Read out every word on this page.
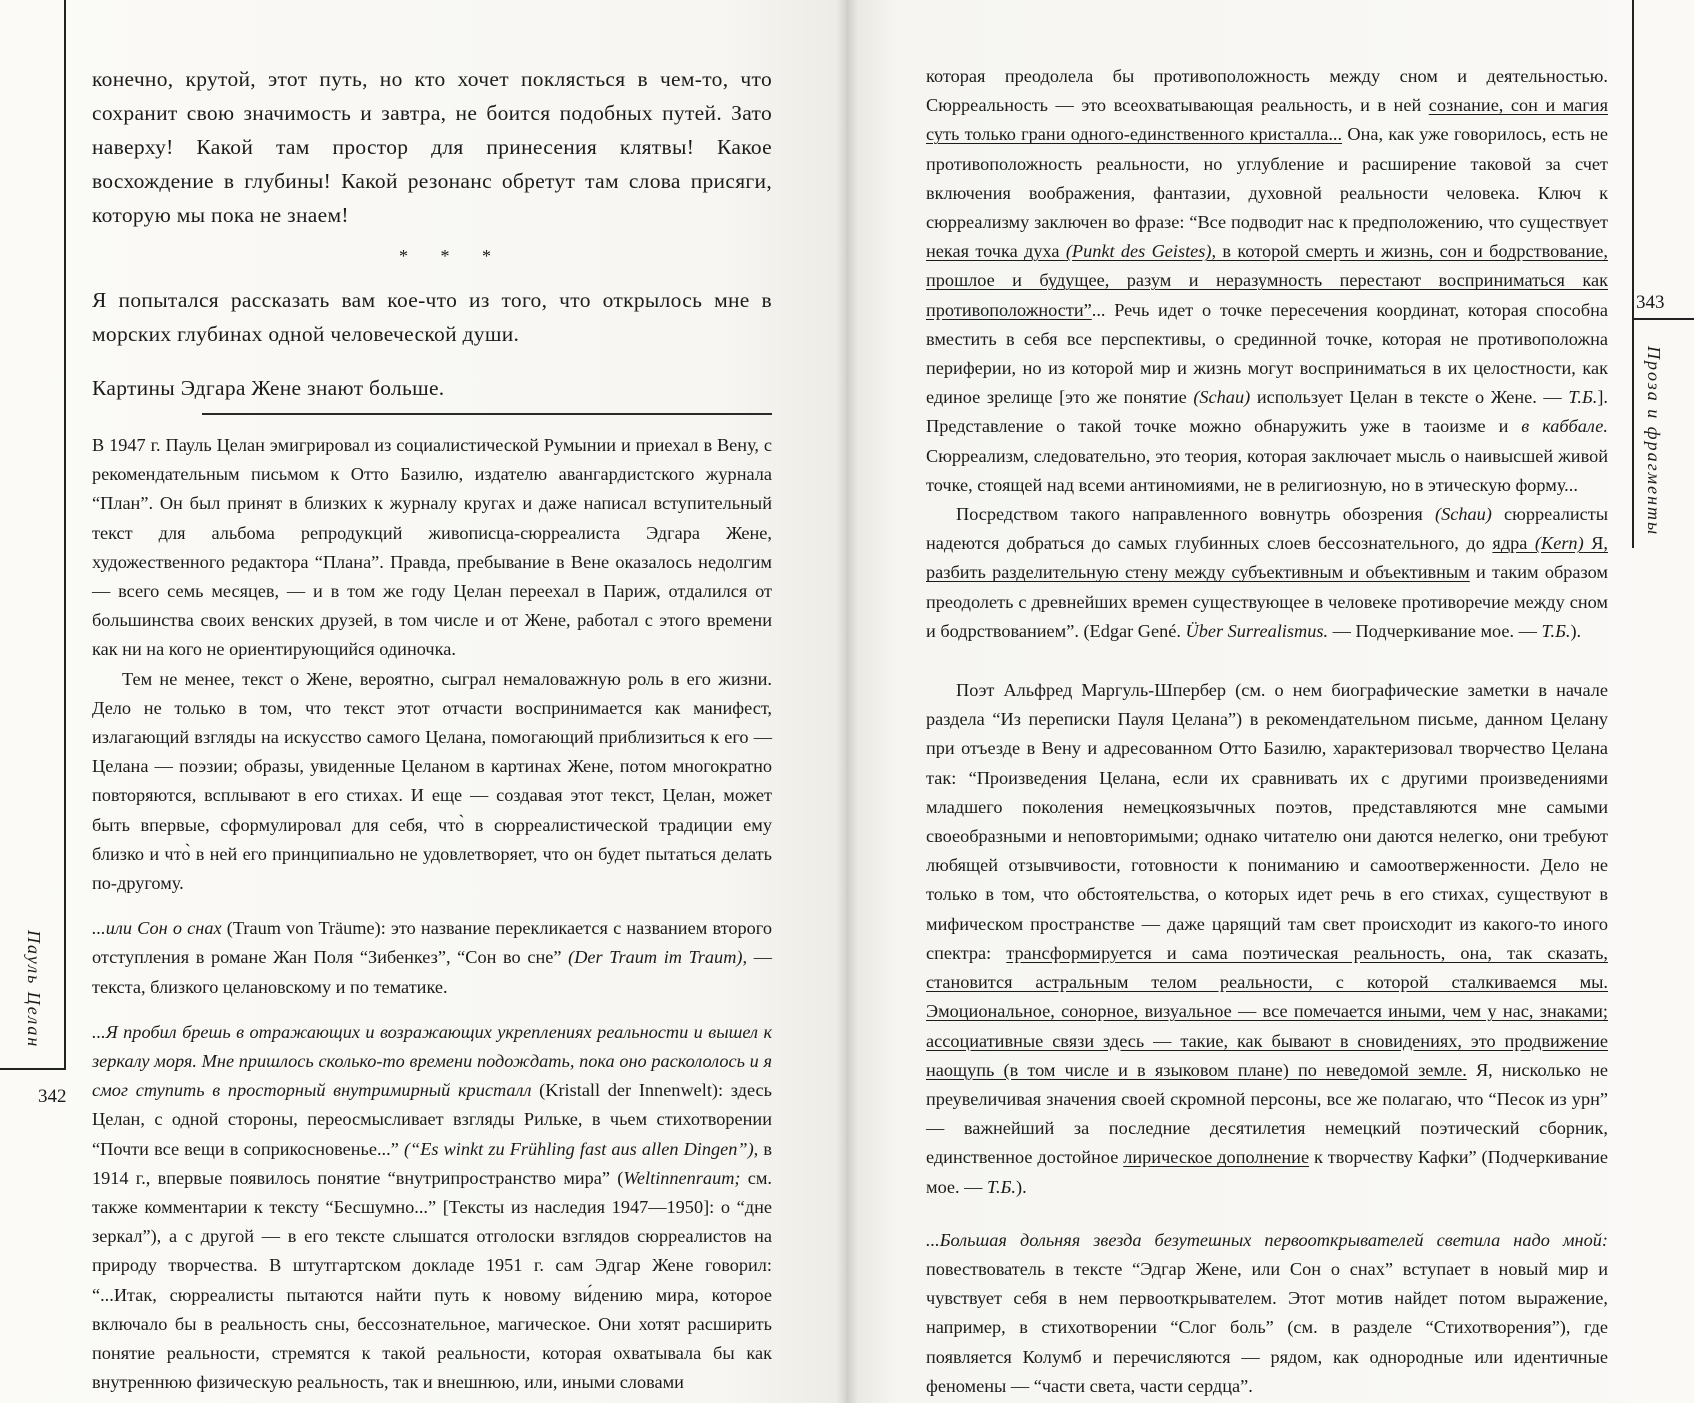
342
Пауль Целан

конечно, крутой, этот путь, но кто хочет поклясться в чем-то, что сохранит свою значимость и завтра, не боится подобных путей. Зато наверху! Какой там простор для принесения клятвы! Какое восхождение в глубины! Какой резонанс обретут там слова присяги, которую мы пока не знаем!

* * *

Я попытался рассказать вам кое-что из того, что открылось мне в морских глубинах одной человеческой души.

Картины Эдгара Жене знают больше.

В 1947 г. Пауль Целан эмигрировал из социалистической Румынии и приехал в Вену, с рекомендательным письмом к Отто Базилю, издателю авангардистского журнала “План”. Он был принят в близких к журналу кругах и даже написал вступительный текст для альбома репродукций живописца-сюрреалиста Эдгара Жене, художественного редактора “Плана”. Правда, пребывание в Вене оказалось недолгим — всего семь месяцев, — и в том же году Целан переехал в Париж, отдалился от большинства своих венских друзей, в том числе и от Жене, работал с этого времени как ни на кого не ориентирующийся одиночка.

Тем не менее, текст о Жене, вероятно, сыграл немаловажную роль в его жизни. Дело не только в том, что текст этот отчасти воспринимается как манифест, излагающий взгляды на искусство самого Целана, помогающий приблизиться к его — Целана — поэзии; образы, увиденные Целаном в картинах Жене, потом многократно повторяются, всплывают в его стихах. И еще — создавая этот текст, Целан, может быть впервые, сформулировал для себя, что̀ в сюрреалистической традиции ему близко и что̀ в ней его принципиально не удовлетворяет, что он будет пытаться делать по-другому.

...или Сон о снах (Traum von Träume): это название перекликается с названием второго отступления в романе Жан Поля “Зибенкез”, “Сон во сне” (Der Traum im Traum), — текста, близкого целановскому и по тематике.

...Я пробил брешь в отражающих и возражающих укреплениях реальности и вышел к зеркалу моря. Мне пришлось сколько-то времени подождать, пока оно раскололось и я смог ступить в просторный внутримирный кристалл (Kristall der Innenwelt): здесь Целан, с одной стороны, переосмысливает взгляды Рильке, в чьем стихотворении “Почти все вещи в соприкосновенье...” (“Es winkt zu Frühling fast aus allen Dingen”), в 1914 г., впервые появилось понятие “внутрипространство мира” (Weltinnenraum; см. также комментарии к тексту “Бесшумно...” [Тексты из наследия 1947—1950]: о “дне зеркал”), а с другой — в его тексте слышатся отголоски взглядов сюрреалистов на природу творчества. В штутгартском докладе 1951 г. сам Эдгар Жене говорил: “...Итак, сюрреалисты пытаются найти путь к новому ви́дению мира, которое включало бы в реальность сны, бессознательное, магическое. Они хотят расширить понятие реальности, стремятся к такой реальности, которая охватывала бы как внутреннюю физическую реальность, так и внешнюю, или, иными словами

343
Проза и фрагменты

которая преодолела бы противоположность между сном и деятельностью. Сюрреальность — это всеохватывающая реальность, и в ней сознание, сон и магия суть только грани одного-единственного кристалла... Она, как уже говорилось, есть не противоположность реальности, но углубление и расширение таковой за счет включения воображения, фантазии, духовной реальности человека. Ключ к сюрреализму заключен во фразе: “Все подводит нас к предположению, что существует некая точка духа (Punkt des Geistes), в которой смерть и жизнь, сон и бодрствование, прошлое и будущее, разум и неразумность перестают восприниматься как противоположности”... Речь идет о точке пересечения координат, которая способна вместить в себя все перспективы, о срединной точке, которая не противоположна периферии, но из которой мир и жизнь могут восприниматься в их целостности, как единое зрелище [это же понятие (Schau) использует Целан в тексте о Жене. — Т.Б.]. Представление о такой точке можно обнаружить уже в таоизме и в каббале. Сюрреализм, следовательно, это теория, которая заключает мысль о наивысшей живой точке, стоящей над всеми антиномиями, не в религиозную, но в этическую форму...

Посредством такого направленного вовнутрь обозрения (Schau) сюрреалисты надеются добраться до самых глубинных слоев бессознательного, до ядра (Kern) Я, разбить разделительную стену между субъективным и объективным и таким образом преодолеть с древнейших времен существующее в человеке противоречие между сном и бодрствованием”. (Edgar Gené. Über Surrealismus. — Подчеркивание мое. — Т.Б.).

Поэт Альфред Маргуль-Шпербер (см. о нем биографические заметки в начале раздела “Из переписки Пауля Целана”) в рекомендательном письме, данном Целану при отъезде в Вену и адресованном Отто Базилю, характеризовал творчество Целана так: “Произведения Целана, если их сравнивать их с другими произведениями младшего поколения немецкоязычных поэтов, представляются мне самыми своеобразными и неповторимыми; однако читателю они даются нелегко, они требуют любящей отзывчивости, готовности к пониманию и самоотверженности. Дело не только в том, что обстоятельства, о которых идет речь в его стихах, существуют в мифическом пространстве — даже царящий там свет происходит из какого-то иного спектра: трансформируется и сама поэтическая реальность, она, так сказать, становится астральным телом реальности, с которой сталкиваемся мы. Эмоциональное, сонорное, визуальное — все помечается иными, чем у нас, знаками; ассоциативные связи здесь — такие, как бывают в сновидениях, это продвижение наощупь (в том числе и в языковом плане) по неведомой земле. Я, нисколько не преувеличивая значения своей скромной персоны, все же полагаю, что “Песок из урн” — важнейший за последние десятилетия немецкий поэтический сборник, единственное достойное лирическое дополнение к творчеству Кафки” (Подчеркивание мое. — Т.Б.).

...Большая дольняя звезда безутешных первооткрывателей светила надо мной: повествователь в тексте “Эдгар Жене, или Сон о снах” вступает в новый мир и чувствует себя в нем первооткрывателем. Этот мотив найдет потом выражение, например, в стихотворении “Слог боль” (см. в разделе “Стихотворения”), где появляется Колумб и перечисляются — рядом, как однородные или идентичные феномены — “части света, части сердца”.
